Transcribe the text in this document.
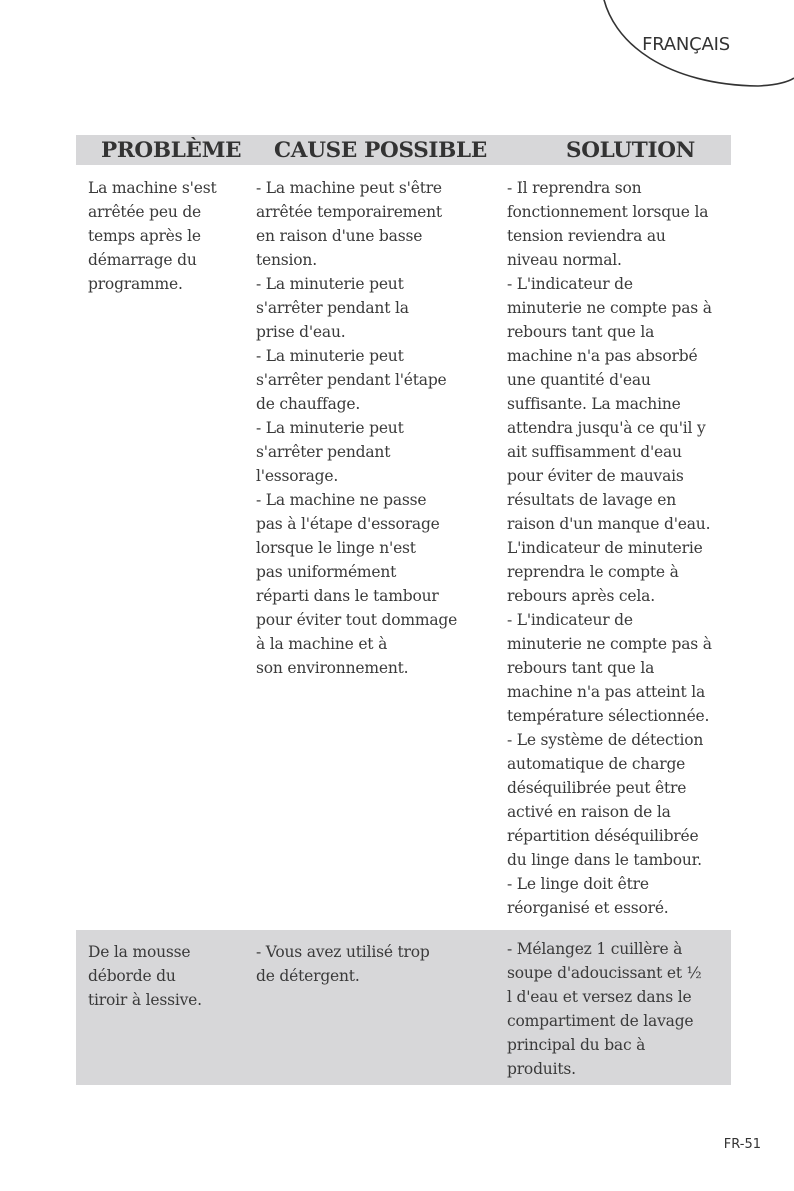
FRANÇAIS
PROBLÈME	CAUSE POSSIBLE	SOLUTION
La machine s'est
arrêtée peu de
temps après le
démarrage du
programme.
- La machine peut s'être
arrêtée temporairement
en raison d'une basse
tension.
- La minuterie peut
s'arrêter pendant la
prise d'eau.
- La minuterie peut
s'arrêter pendant l'étape
de chauffage.
- La minuterie peut
s'arrêter pendant
l'essorage.
- La machine ne passe
pas à l'étape d'essorage
lorsque le linge n'est
pas uniformément
réparti dans le tambour
pour éviter tout dommage
à la machine et à
son environnement.
- Il reprendra son
fonctionnement lorsque la
tension reviendra au
niveau normal.
- L'indicateur de
minuterie ne compte pas à
rebours tant que la
machine n'a pas absorbé
une quantité d'eau
suffisante. La machine
attendra jusqu'à ce qu'il y
ait suffisamment d'eau
pour éviter de mauvais
résultats de lavage en
raison d'un manque d'eau.
L'indicateur de minuterie
reprendra le compte à
rebours après cela.
- L'indicateur de
minuterie ne compte pas à
rebours tant que la
machine n'a pas atteint la
température sélectionnée.
- Le système de détection
automatique de charge
déséquilibrée peut être
activé en raison de la
répartition déséquilibrée
du linge dans le tambour.
- Le linge doit être
réorganisé et essoré.
De la mousse
déborde du
tiroir à lessive.
- Vous avez utilisé trop
de détergent.
- Mélangez 1 cuillère à
soupe d'adoucissant et ½
l d'eau et versez dans le
compartiment de lavage
principal du bac à
produits.
FR-51
